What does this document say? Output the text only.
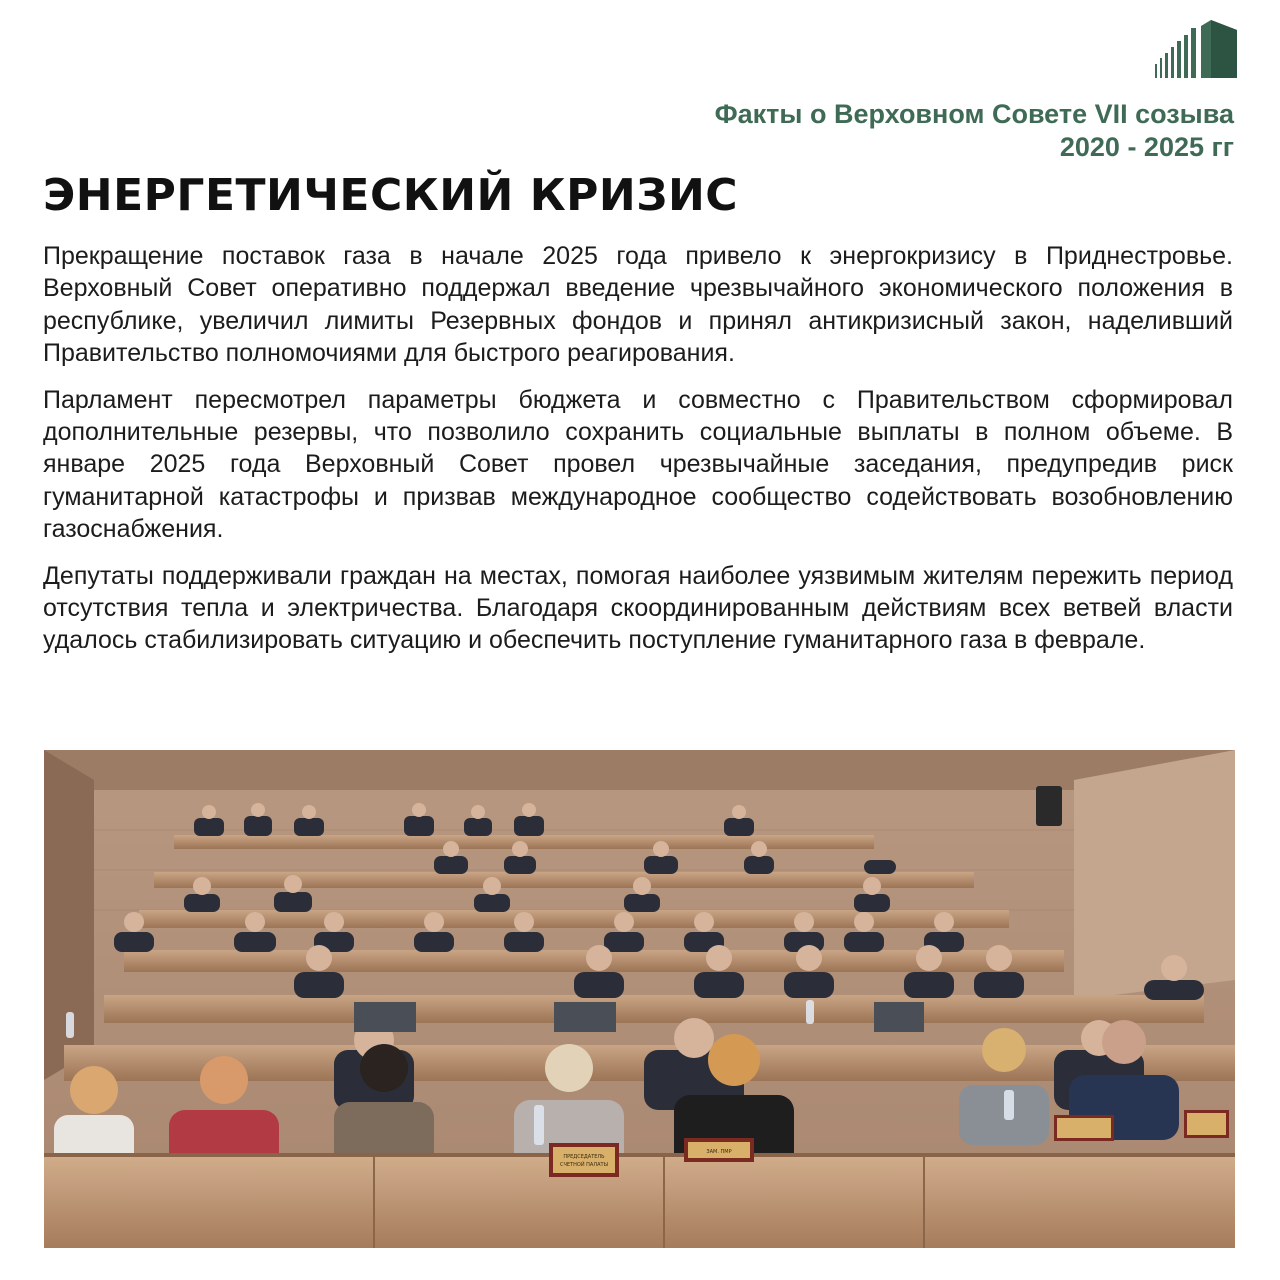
Факты о Верховном Совете VII созыва
2020 - 2025 гг
ЭНЕРГЕТИЧЕСКИЙ КРИЗИС

Прекращение поставок газа в начале 2025 года привело к энергокризису в Приднестровье. Верховный Совет оперативно поддержал введение чрезвычайного экономического положения в республике, увеличил лимиты Резервных фондов и принял антикризисный закон, наделивший Правительство полномочиями для быстрого реагирования.

Парламент пересмотрел параметры бюджета и совместно с Правительством сформировал дополнительные резервы, что позволило сохранить социальные выплаты в полном объеме. В январе 2025 года Верховный Совет провел чрезвычайные заседания, предупредив риск гуманитарной катастрофы и призвав международное сообщество содействовать возобновлению газоснабжения.

Депутаты поддерживали граждан на местах, помогая наиболее уязвимым жителям пережить период отсутствия тепла и электричества. Благодаря скоординированным действиям всех ветвей власти удалось стабилизировать ситуацию и обеспечить поступление гуманитарного газа в феврале.

ПРЕДСЕДАТЕЛЬ
СЧЕТНОЙ ПАЛАТЫ
ЗАМ. ПМР
